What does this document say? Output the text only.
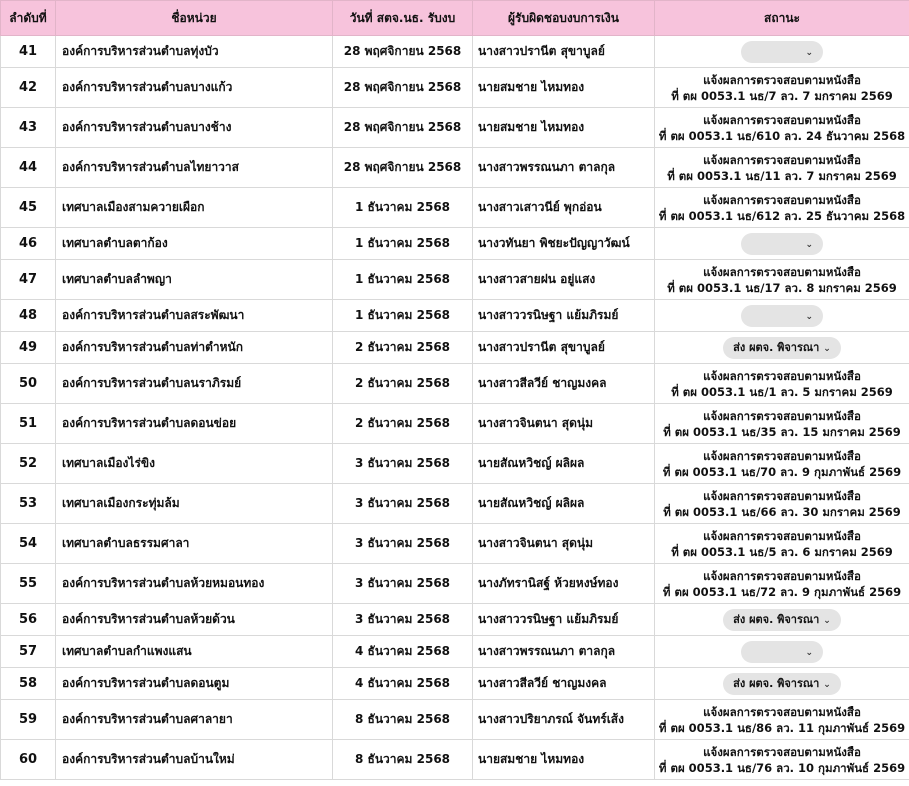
ลำดับที่	ชื่อหน่วย	วันที่ สตจ.นธ. รับงบ	ผู้รับผิดชอบงบการเงิน	สถานะ
41	องค์การบริหารส่วนตำบลทุ่งบัว	28 พฤศจิกายน 2568	นางสาวปรานีต สุขาบูลย์	⌄
42	องค์การบริหารส่วนตำบลบางแก้ว	28 พฤศจิกายน 2568	นายสมชาย ไหมทอง	แจ้งผลการตรวจสอบตามหนังสือ
ที่ ตผ 0053.1 นธ/7 ลว. 7 มกราคม 2569

43	องค์การบริหารส่วนตำบลบางช้าง	28 พฤศจิกายน 2568	นายสมชาย ไหมทอง	แจ้งผลการตรวจสอบตามหนังสือ
ที่ ตผ 0053.1 นธ/610 ลว. 24 ธันวาคม 2568

44	องค์การบริหารส่วนตำบลไทยาวาส	28 พฤศจิกายน 2568	นางสาวพรรณนภา ตาลกุล	แจ้งผลการตรวจสอบตามหนังสือ
ที่ ตผ 0053.1 นธ/11 ลว. 7 มกราคม 2569

45	เทศบาลเมืองสามควายเผือก	1 ธันวาคม 2568	นางสาวเสาวนีย์ พุกอ่อน	แจ้งผลการตรวจสอบตามหนังสือ
ที่ ตผ 0053.1 นธ/612 ลว. 25 ธันวาคม 2568

46	เทศบาลตำบลตาก้อง	1 ธันวาคม 2568	นางวทันยา พิชยะปัญญาวัฒน์	⌄
47	เทศบาลตำบลลำพญา	1 ธันวาคม 2568	นางสาวสายฝน อยู่แสง	แจ้งผลการตรวจสอบตามหนังสือ
ที่ ตผ 0053.1 นธ/17 ลว. 8 มกราคม 2569

48	องค์การบริหารส่วนตำบลสระพัฒนา	1 ธันวาคม 2568	นางสาววรนิษฐา แย้มภิรมย์	⌄
49	องค์การบริหารส่วนตำบลท่าตำหนัก	2 ธันวาคม 2568	นางสาวปรานีต สุขาบูลย์	ส่ง ผตจ. พิจารณา ⌄
50	องค์การบริหารส่วนตำบลนราภิรมย์	2 ธันวาคม 2568	นางสาวสีลวีย์ ชาญมงคล	แจ้งผลการตรวจสอบตามหนังสือ
ที่ ตผ 0053.1 นธ/1 ลว. 5 มกราคม 2569

51	องค์การบริหารส่วนตำบลดอนข่อย	2 ธันวาคม 2568	นางสาวจินตนา สุดนุ่ม	แจ้งผลการตรวจสอบตามหนังสือ
ที่ ตผ 0053.1 นธ/35 ลว. 15 มกราคม 2569

52	เทศบาลเมืองไร่ขิง	3 ธันวาคม 2568	นายสัณหวิชญ์ ผลิผล	แจ้งผลการตรวจสอบตามหนังสือ
ที่ ตผ 0053.1 นธ/70 ลว. 9 กุมภาพันธ์ 2569

53	เทศบาลเมืองกระทุ่มล้ม	3 ธันวาคม 2568	นายสัณหวิชญ์ ผลิผล	แจ้งผลการตรวจสอบตามหนังสือ
ที่ ตผ 0053.1 นธ/66 ลว. 30 มกราคม 2569

54	เทศบาลตำบลธรรมศาลา	3 ธันวาคม 2568	นางสาวจินตนา สุดนุ่ม	แจ้งผลการตรวจสอบตามหนังสือ
ที่ ตผ 0053.1 นธ/5 ลว. 6 มกราคม 2569

55	องค์การบริหารส่วนตำบลห้วยหมอนทอง	3 ธันวาคม 2568	นางภัทรานิสฐ์ ห้วยหงษ์ทอง	แจ้งผลการตรวจสอบตามหนังสือ
ที่ ตผ 0053.1 นธ/72 ลว. 9 กุมภาพันธ์ 2569

56	องค์การบริหารส่วนตำบลห้วยด้วน	3 ธันวาคม 2568	นางสาววรนิษฐา แย้มภิรมย์	ส่ง ผตจ. พิจารณา ⌄
57	เทศบาลตำบลกำแพงแสน	4 ธันวาคม 2568	นางสาวพรรณนภา ตาลกุล	⌄
58	องค์การบริหารส่วนตำบลดอนตูม	4 ธันวาคม 2568	นางสาวสีลวีย์ ชาญมงคล	ส่ง ผตจ. พิจารณา ⌄
59	องค์การบริหารส่วนตำบลศาลายา	8 ธันวาคม 2568	นางสาวปริยาภรณ์ จันทร์เส้ง	แจ้งผลการตรวจสอบตามหนังสือ
ที่ ตผ 0053.1 นธ/86 ลว. 11 กุมภาพันธ์ 2569

60	องค์การบริหารส่วนตำบลบ้านใหม่	8 ธันวาคม 2568	นายสมชาย ไหมทอง	แจ้งผลการตรวจสอบตามหนังสือ
ที่ ตผ 0053.1 นธ/76 ลว. 10 กุมภาพันธ์ 2569
